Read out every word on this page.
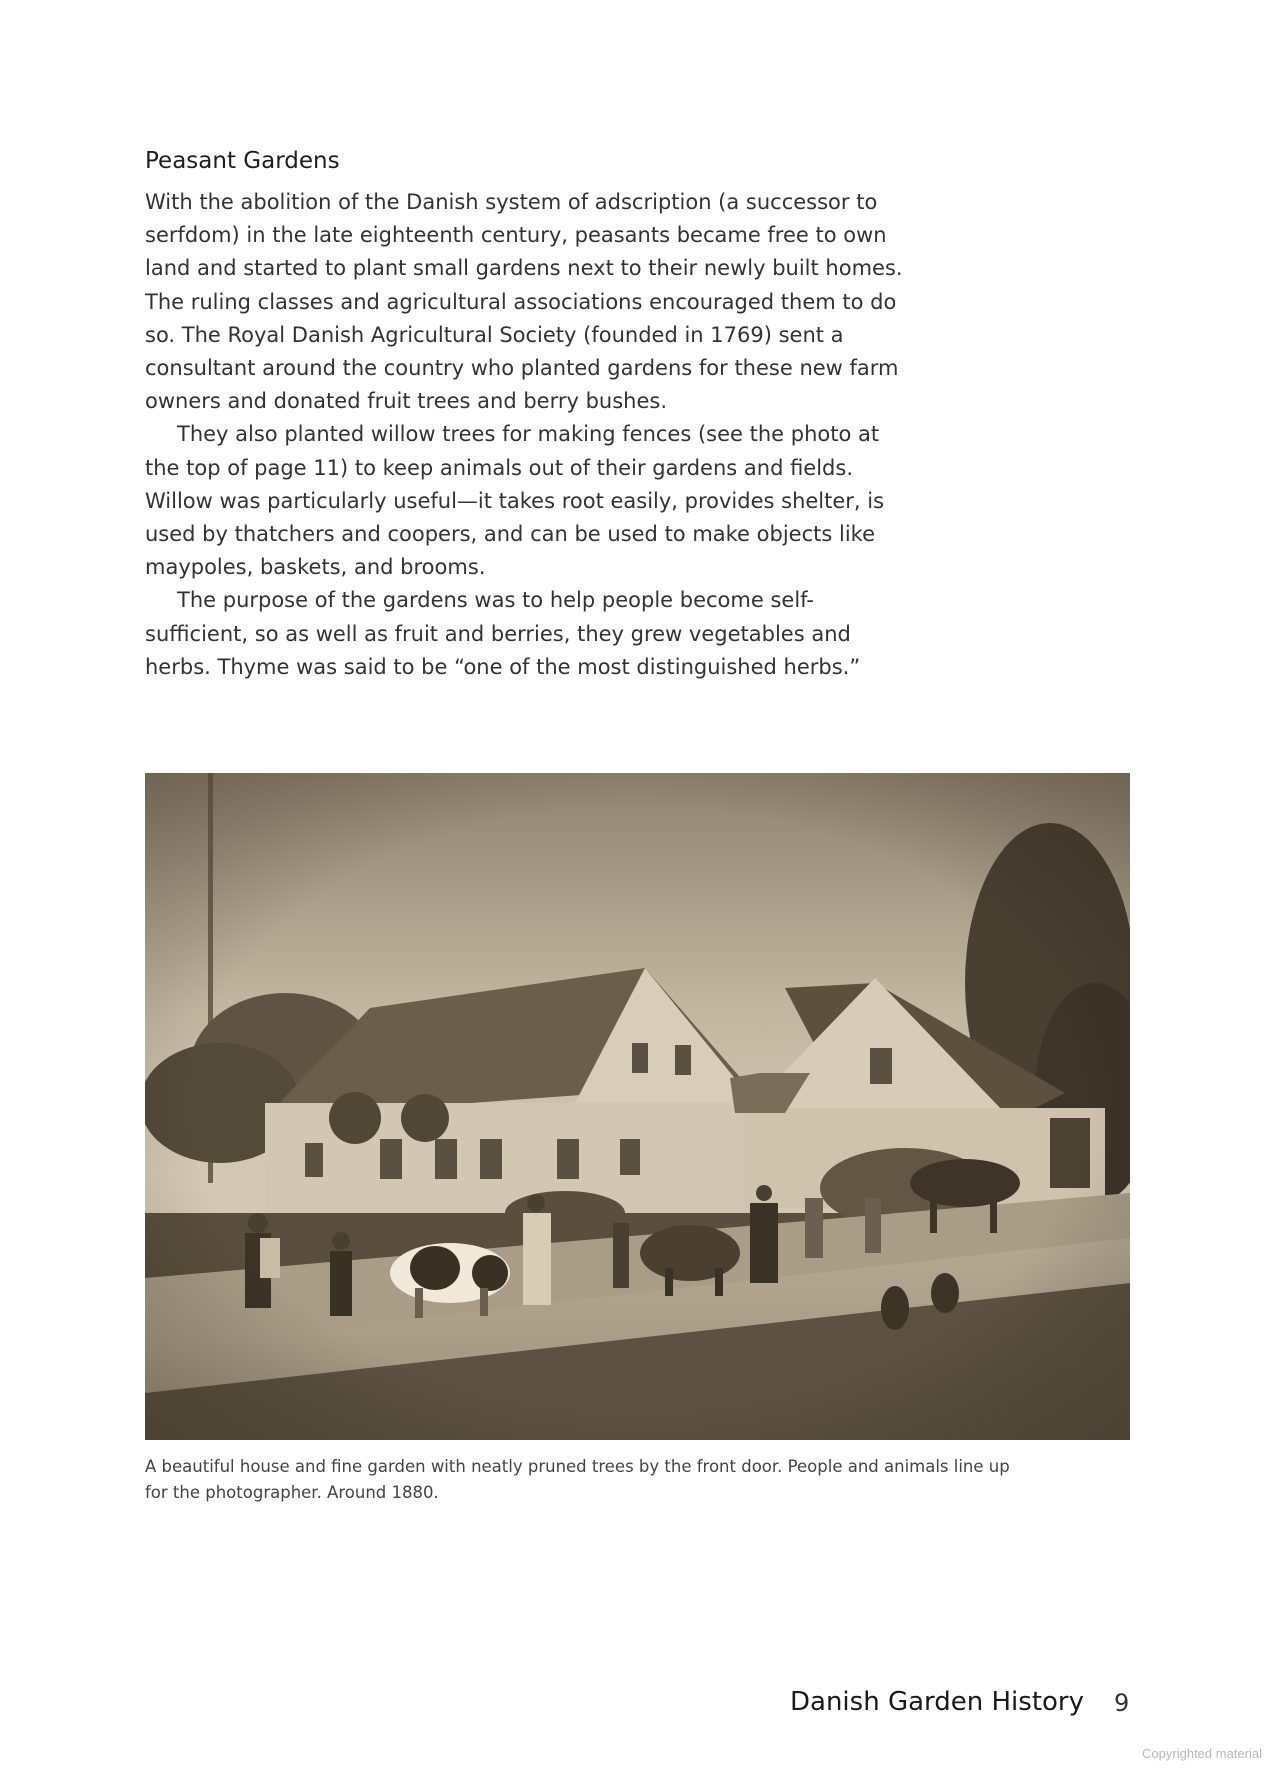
Peasant Gardens

With the abolition of the Danish system of adscription (a successor to serfdom) in the late eighteenth century, peasants became free to own land and started to plant small gardens next to their newly built homes. The ruling classes and agricultural associations encouraged them to do so. The Royal Danish Agricultural Society (founded in 1769) sent a consultant around the country who planted gardens for these new farm owners and donated fruit trees and berry bushes.

They also planted willow trees for making fences (see the photo at the top of page 11) to keep animals out of their gardens and fields. Willow was particularly useful—it takes root easily, provides shelter, is used by thatchers and coopers, and can be used to make objects like maypoles, baskets, and brooms.

The purpose of the gardens was to help people become self-sufficient, so as well as fruit and berries, they grew vegetables and herbs. Thyme was said to be “one of the most distinguished herbs.”

A beautiful house and fine garden with neatly pruned trees by the front door. People and animals line up for the photographer. Around 1880.
Danish Garden History 9
Copyrighted material
